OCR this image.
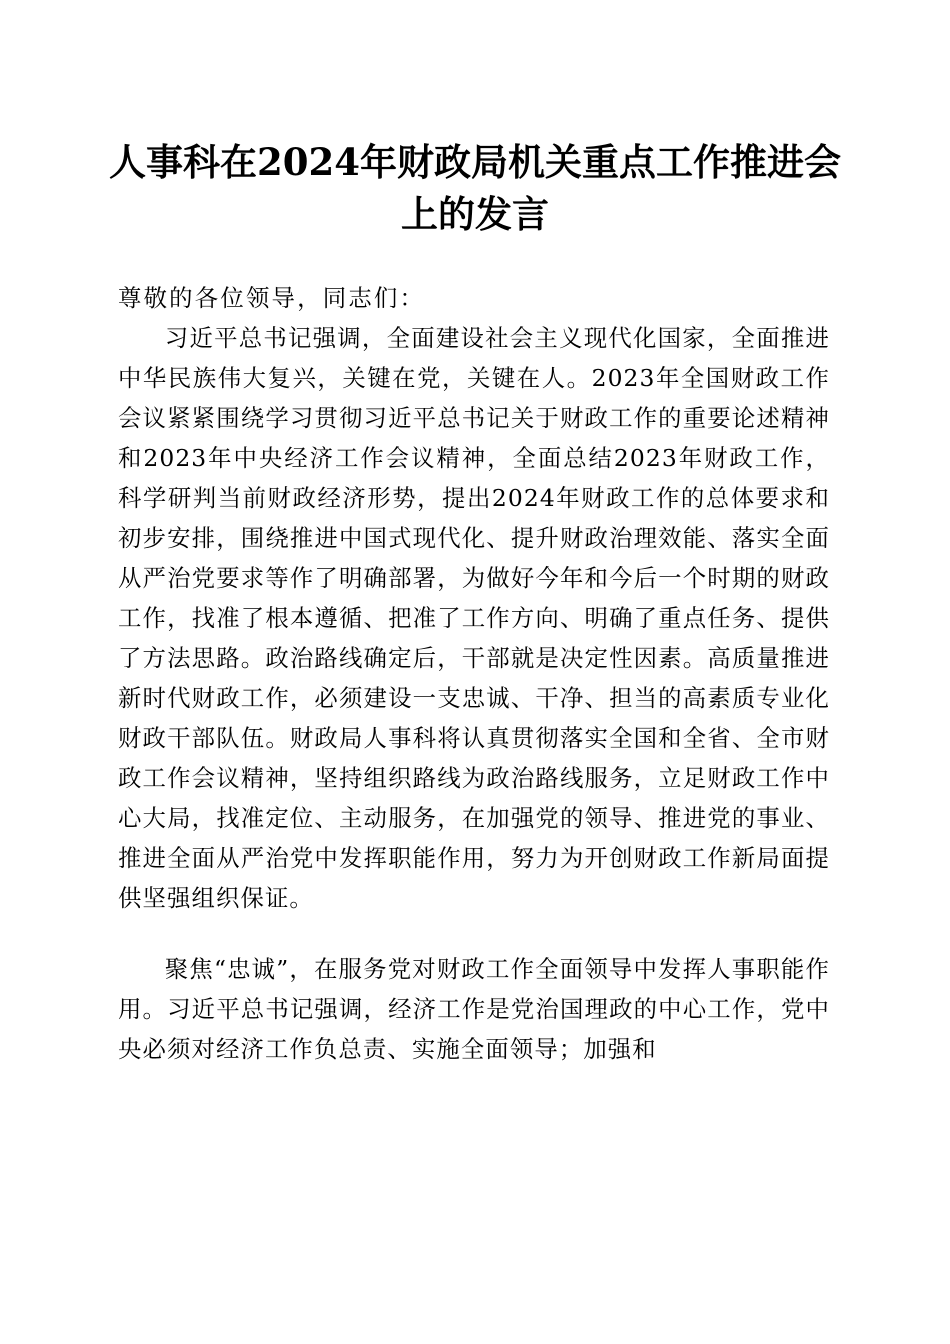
人事科在2024年财政局机关重点工作推进会
上的发言

尊敬的各位领导，同志们：

习近平总书记强调，全面建设社会主义现代化国家，全面推进中华民族伟大复兴，关键在党，关键在人。2023年全国财政工作会议紧紧围绕学习贯彻习近平总书记关于财政工作的重要论述精神和2023年中央经济工作会议精神，全面总结2023年财政工作，科学研判当前财政经济形势，提出2024年财政工作的总体要求和初步安排，围绕推进中国式现代化、提升财政治理效能、落实全面从严治党要求等作了明确部署，为做好今年和今后一个时期的财政工作，找准了根本遵循、把准了工作方向、明确了重点任务、提供了方法思路。政治路线确定后，干部就是决定性因素。高质量推进新时代财政工作，必须建设一支忠诚、干净、担当的高素质专业化财政干部队伍。财政局人事科将认真贯彻落实全国和全省、全市财政工作会议精神，坚持组织路线为政治路线服务，立足财政工作中心大局，找准定位、主动服务，在加强党的领导、推进党的事业、推进全面从严治党中发挥职能作用，努力为开创财政工作新局面提供坚强组织保证。

聚焦“忠诚”，在服务党对财政工作全面领导中发挥人事职能作用。习近平总书记强调，经济工作是党治国理政的中心工作，党中央必须对经济工作负总责、实施全面领导；加强和
